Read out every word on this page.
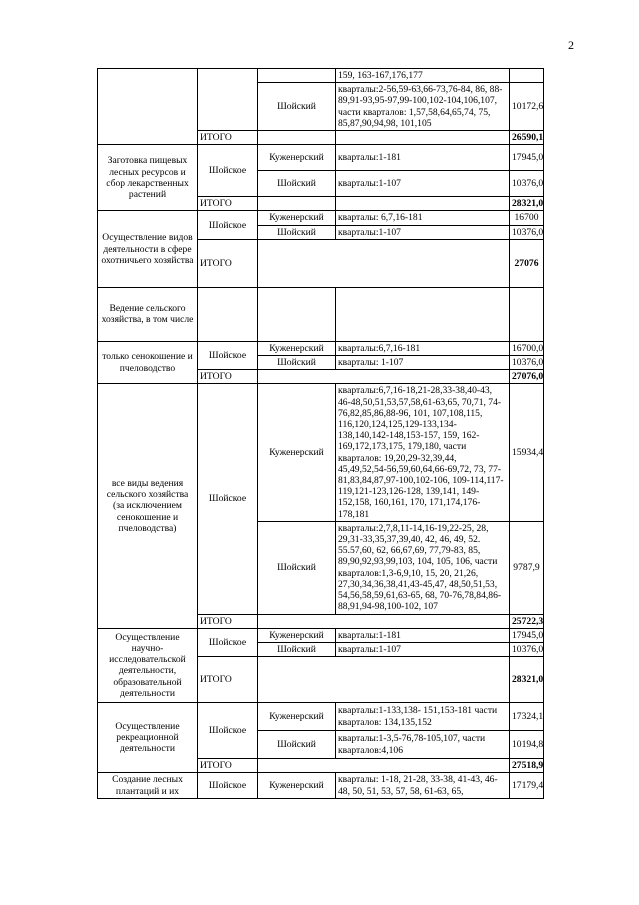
2
			159, 163-167,176,177	
		Шойский	кварталы:2-56,59-63,66-73,76-84, 86, 88-89,91-93,95-97,99-100,102-104,106,107, части кварталов: 1,57,58,64,65,74, 75, 85,87,90,94,98, 101,105	10172,6
	ИТОГО			26590,1
Заготовка пищевых лесных ресурсов и сбор лекарственных растений	Шойское	Куженерский	кварталы:1-181	17945,0
		Шойский	кварталы:1-107	10376,0
	ИТОГО			28321,0
Осуществление видов деятельности в сфере охотничьего хозяйства	Шойское	Куженерский	кварталы: 6,7,16-181	16700
		Шойский	кварталы:1-107	10376,0
	ИТОГО			27076
Ведение сельского хозяйства, в том числе				
только сенокошение и пчеловодство	Шойское	Куженерский	кварталы:6,7,16-181	16700,0
		Шойский	кварталы: 1-107	10376,0
	ИТОГО			27076,0
все виды ведения сельского хозяйства (за исключением сенокошение и пчеловодства)	Шойское	Куженерский	кварталы:6,7,16-18,21-28,33-38,40-43, 46-48,50,51,53,57,58,61-63,65, 70,71, 74-76,82,85,86,88-96, 101, 107,108,115, 116,120,124,125,129-133,134- 138,140,142-148,153-157, 159, 162-169,172,173,175, 179,180, части кварталов: 19,20,29-32,39,44, 45,49,52,54-56,59,60,64,66-69,72, 73, 77-81,83,84,87,97-100,102-106, 109-114,117-119,121-123,126-128, 139,141, 149-152,158, 160,161, 170, 171,174,176-178,181	15934,4
		Шойский	кварталы:2,7,8,11-14,16-19,22-25, 28, 29,31-33,35,37,39,40, 42, 46, 49, 52. 55.57,60, 62, 66,67,69, 77,79-83, 85, 89,90,92,93,99,103, 104, 105, 106, части кварталов:1,3-6,9,10, 15, 20, 21,26, 27,30,34,36,38,41,43-45,47, 48,50,51,53, 54,56,58,59,61,63-65, 68, 70-76,78,84,86-88,91,94-98,100-102, 107	9787,9
	ИТОГО			25722,3
Осуществление научно-исследовательской деятельности, образовательной деятельности	Шойское	Куженерский	кварталы:1-181	17945,0
		Шойский	кварталы:1-107	10376,0
	ИТОГО			28321,0
Осуществление рекреационной деятельности	Шойское	Куженерский	кварталы:1-133,138- 151,153-181 части кварталов: 134,135,152	17324,1
		Шойский	кварталы:1-3,5-76,78-105,107, части кварталов:4,106	10194,8
	ИТОГО			27518,9
Создание лесных плантаций и их	Шойское	Куженерский	кварталы: 1-18, 21-28, 33-38, 41-43, 46-48, 50, 51, 53, 57, 58, 61-63, 65,	17179,4
